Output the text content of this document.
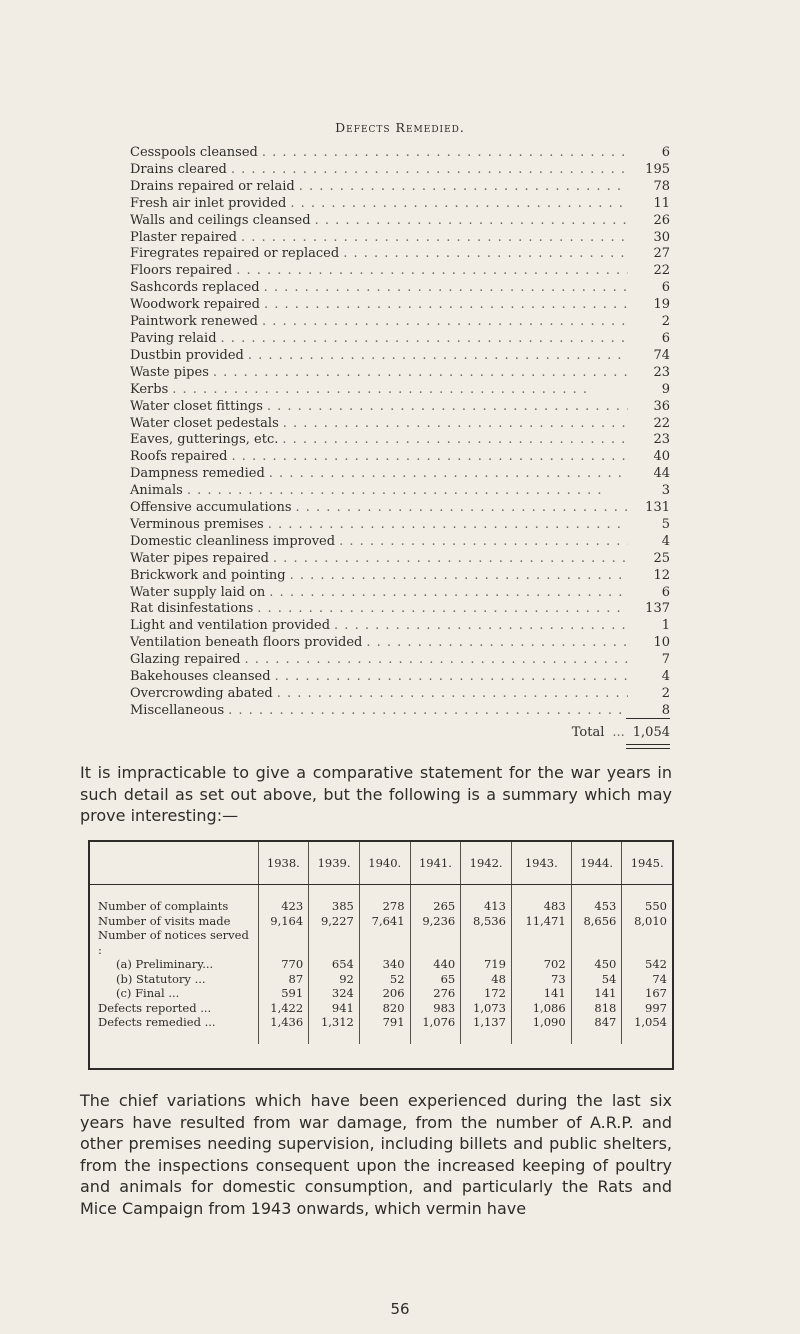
Defects Remedied.
Cesspools cleansed . .	6
Drains cleared . .	195
Drains repaired or relaid . .	78
Fresh air inlet provided . .	11
Walls and ceilings cleansed . .	26
Plaster repaired . .	30
Firegrates repaired or replaced . .	27
Floors repaired . .	22
Sashcords replaced . .	6
Woodwork repaired . .	19
Paintwork renewed . .	2
Paving relaid . .	6
Dustbin provided . .	74
Waste pipes . .	23
Kerbs . .	9
Water closet fittings . .	36
Water closet pedestals . .	22
Eaves, gutterings, etc. . .	23
Roofs repaired . .	40
Dampness remedied . .	44
Animals . .	3
Offensive accumulations . .	131
Verminous premises . .	5
Domestic cleanliness improved . .	4
Water pipes repaired . .	25
Brickwork and pointing . .	12
Water supply laid on . .	6
Rat disinfestations . .	137
Light and ventilation provided . .	1
Ventilation beneath floors provided . .	10
Glazing repaired . .	7
Bakehouses cleansed . .	4
Overcrowding abated . .	2
Miscellaneous . .	8
Total ... 1,054
It is impracticable to give a comparative statement for the war years in such detail as set out above, but the following is a summary which may prove interesting:—
	1938.	1939.	1940.	1941.	1942.	1943.	1944.	1945.
Number of complaints	423	385	278	265	413	483	453	550
Number of visits made	9,164	9,227	7,641	9,236	8,536	11,471	8,656	8,010
Number of notices served :								
(a) Preliminary...	770	654	340	440	719	702	450	542
(b) Statutory ...	87	92	52	65	48	73	54	74
(c) Final ...	591	324	206	276	172	141	141	167
Defects reported ...	1,422	941	820	983	1,073	1,086	818	997
Defects remedied ...	1,436	1,312	791	1,076	1,137	1,090	847	1,054
The chief variations which have been experienced during the last six years have resulted from war damage, from the number of A.R.P. and other premises needing supervision, including billets and public shelters, from the inspections consequent upon the increased keeping of poultry and animals for domestic consumption, and particularly the Rats and Mice Campaign from 1943 onwards, which vermin have
56
